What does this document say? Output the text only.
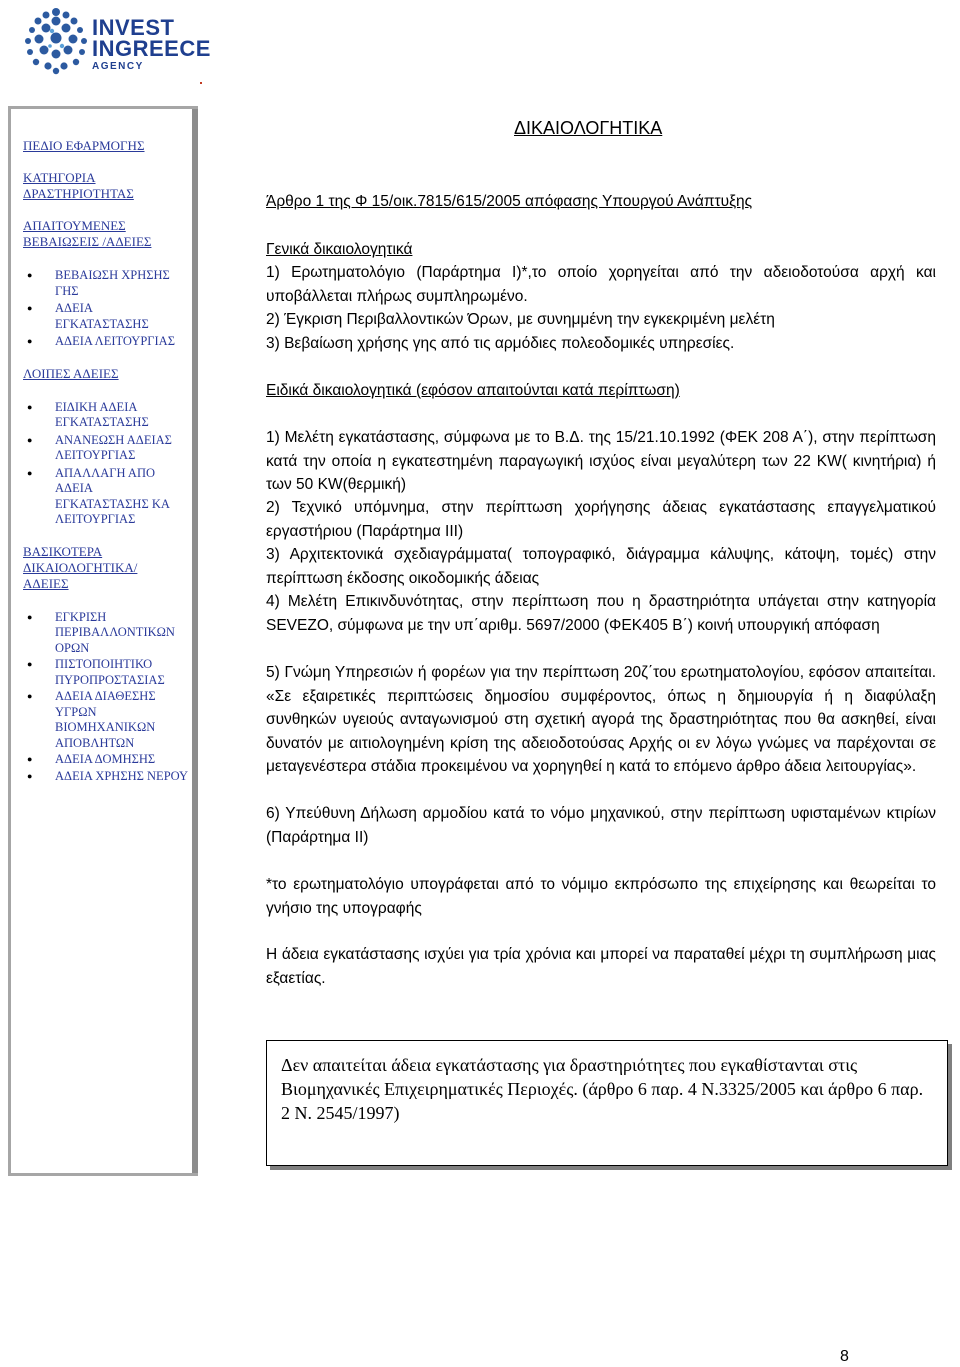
INVEST
INGREECE
AGENCY
ΠΕΔΙΟ ΕΦΑΡΜΟΓΗΣ
ΚΑΤΗΓΟΡΙΑ
ΔΡΑΣΤΗΡΙΟΤΗΤΑΣ
ΑΠΑΙΤΟΥΜΕΝΕΣ
ΒΕΒΑΙΩΣΕΙΣ /ΑΔΕΙΕΣ
● ΒΕΒΑΙΩΣΗ ΧΡΗΣΗΣ
ΓΗΣ
● ΑΔΕΙΑ
ΕΓΚΑΤΑΣΤΑΣΗΣ
● ΑΔΕΙΑ ΛΕΙΤΟΥΡΓΙΑΣ
ΛΟΙΠΕΣ ΑΔΕΙΕΣ
● ΕΙΔΙΚΗ ΑΔΕΙΑ
ΕΓΚΑΤΑΣΤΑΣΗΣ
● ΑΝΑΝΕΩΣΗ ΑΔΕΙΑΣ
ΛΕΙΤΟΥΡΓΙΑΣ
● ΑΠΑΛΛΑΓΗ ΑΠΟ
ΑΔΕΙΑ
ΕΓΚΑΤΑΣΤΑΣΗΣ ΚΑ
ΛΕΙΤΟΥΡΓΙΑΣ
ΒΑΣΙΚΟΤΕΡΑ
ΔΙΚΑΙΟΛΟΓΗΤΙΚΑ/
ΑΔΕΙΕΣ
● ΕΓΚΡΙΣΗ
ΠΕΡΙΒΑΛΛΟΝΤΙΚΩΝ
ΟΡΩΝ
● ΠΙΣΤΟΠΟΙΗΤΙΚΟ
ΠΥΡΟΠΡΟΣΤΑΣΙΑΣ
● ΑΔΕΙΑ ΔΙΑΘΕΣΗΣ
ΥΓΡΩΝ
ΒΙΟΜΗΧΑΝΙΚΩΝ
ΑΠΟΒΛΗΤΩΝ
● ΑΔΕΙΑ ΔΟΜΗΣΗΣ
● ΑΔΕΙΑ ΧΡΗΣΗΣ ΝΕΡΟΥ
ΔΙΚΑΙΟΛΟΓΗΤΙΚΑ
Άρθρο 1 της Φ 15/οικ.7815/615/2005 απόφασης Υπουργού Ανάπτυξης
Γενικά δικαιολογητικά
1) Ερωτηματολόγιο (Παράρτημα Ι)*,το οποίο χορηγείται από την αδειοδοτούσα αρχή και υποβάλλεται πλήρως συμπληρωμένο.
2) Έγκριση Περιβαλλοντικών Όρων, με συνημμένη την εγκεκριμένη μελέτη
3) Βεβαίωση χρήσης γης από τις αρμόδιες πολεοδομικές υπηρεσίες.
Ειδικά δικαιολογητικά (εφόσον απαιτούνται κατά περίπτωση)
1) Μελέτη εγκατάστασης, σύμφωνα με το Β.Δ. της 15/21.10.1992 (ΦΕΚ 208 Α΄), στην περίπτωση κατά την οποία η εγκατεστημένη παραγωγική ισχύος είναι μεγαλύτερη των 22 KW( κινητήρια) ή των 50 KW(θερμική)
2) Τεχνικό υπόμνημα, στην περίπτωση χορήγησης άδειας εγκατάστασης επαγγελματικού εργαστήριου (Παράρτημα ΙΙΙ)
3) Αρχιτεκτονικά σχεδιαγράμματα( τοπογραφικό, διάγραμμα κάλυψης, κάτοψη, τομές) στην περίπτωση έκδοσης οικοδομικής άδειας
4) Μελέτη Επικινδυνότητας, στην περίπτωση που η δραστηριότητα υπάγεται στην κατηγορία SEVEZO, σύμφωνα με την υπ΄αριθμ. 5697/2000 (ΦΕΚ405 Β΄) κοινή υπουργική απόφαση
5) Γνώμη Υπηρεσιών ή φορέων για την περίπτωση 20ζ΄του ερωτηματολογίου, εφόσον απαιτείται. «Σε εξαιρετικές περιπτώσεις δημοσίου συμφέροντος, όπως η δημιουργία ή η διαφύλαξη συνθηκών υγειούς ανταγωνισμού στη σχετική αγορά της δραστηριότητας που θα ασκηθεί, είναι δυνατόν με αιτιολογημένη κρίση της αδειοδοτούσας Αρχής οι εν λόγω γνώμες να παρέχονται σε μεταγενέστερα στάδια προκειμένου να χορηγηθεί η κατά το επόμενο άρθρο άδεια λειτουργίας».
6) Υπεύθυνη Δήλωση αρμοδίου κατά το νόμο μηχανικού, στην περίπτωση υφισταμένων κτιρίων (Παράρτημα ΙΙ)
*το ερωτηματολόγιο υπογράφεται από το νόμιμο εκπρόσωπο της επιχείρησης και θεωρείται το γνήσιο της υπογραφής
Η άδεια εγκατάστασης ισχύει για τρία χρόνια και μπορεί να παραταθεί μέχρι τη συμπλήρωση μιας εξαετίας.
Δεν απαιτείται άδεια εγκατάστασης για δραστηριότητες που εγκαθίστανται στις Βιομηχανικές Επιχειρηματικές Περιοχές. (άρθρο 6 παρ. 4 Ν.3325/2005 και άρθρο 6 παρ. 2 Ν. 2545/1997)
8
